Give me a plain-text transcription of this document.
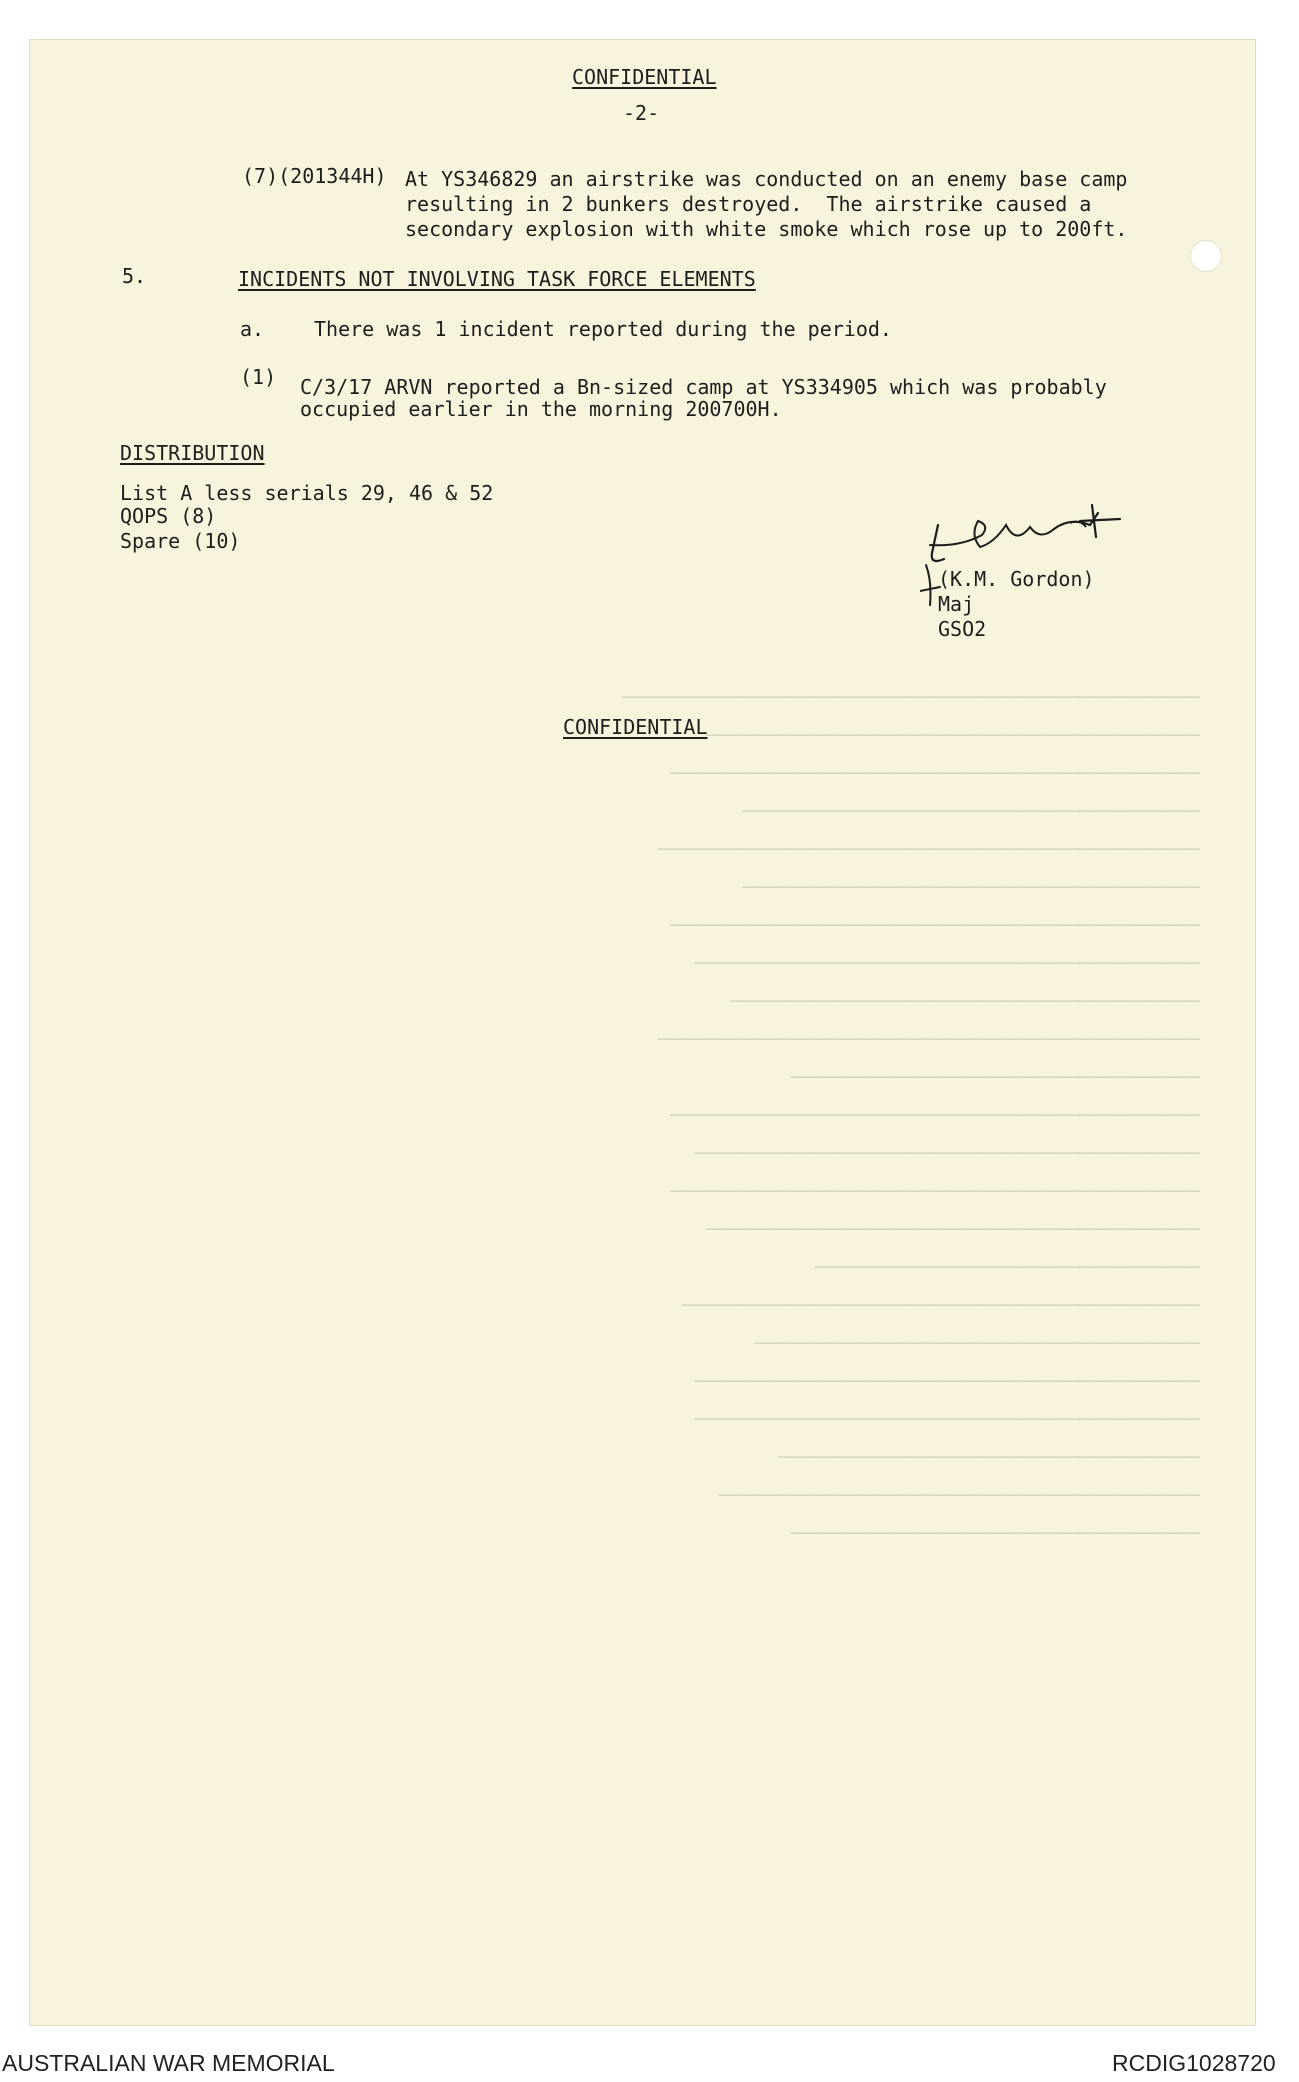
────────────────────────────────────────────────
─────────────────────────────────────────
────────────────────────────────────────────
──────────────────────────────────────
─────────────────────────────────────────────
──────────────────────────────────────
────────────────────────────────────────────
──────────────────────────────────────────
───────────────────────────────────────
─────────────────────────────────────────────
──────────────────────────────────
────────────────────────────────────────────
──────────────────────────────────────────
────────────────────────────────────────────
─────────────────────────────────────────
────────────────────────────────
───────────────────────────────────────────
─────────────────────────────────────
──────────────────────────────────────────
──────────────────────────────────────────
───────────────────────────────────
────────────────────────────────────────
──────────────────────────────────

CONFIDENTIAL
-2-
(7)(201344H) At YS346829 an airstrike was conducted on an enemy base camp
resulting in 2 bunkers destroyed.  The airstrike caused a
secondary explosion with white smoke which rose up to 200ft.
5.	INCIDENTS NOT INVOLVING TASK FORCE ELEMENTS
a. There was 1 incident reported during the period.
(1) C/3/17 ARVN reported a Bn-sized camp at YS334905 which was probably
occupied earlier in the morning 200700H.
DISTRIBUTION
List A less serials 29, 46 & 52
QOPS (8)
Spare (10)
(K.M. Gordon)
Maj
GSO2
CONFIDENTIAL
AUSTRALIAN WAR MEMORIAL	RCDIG1028720
